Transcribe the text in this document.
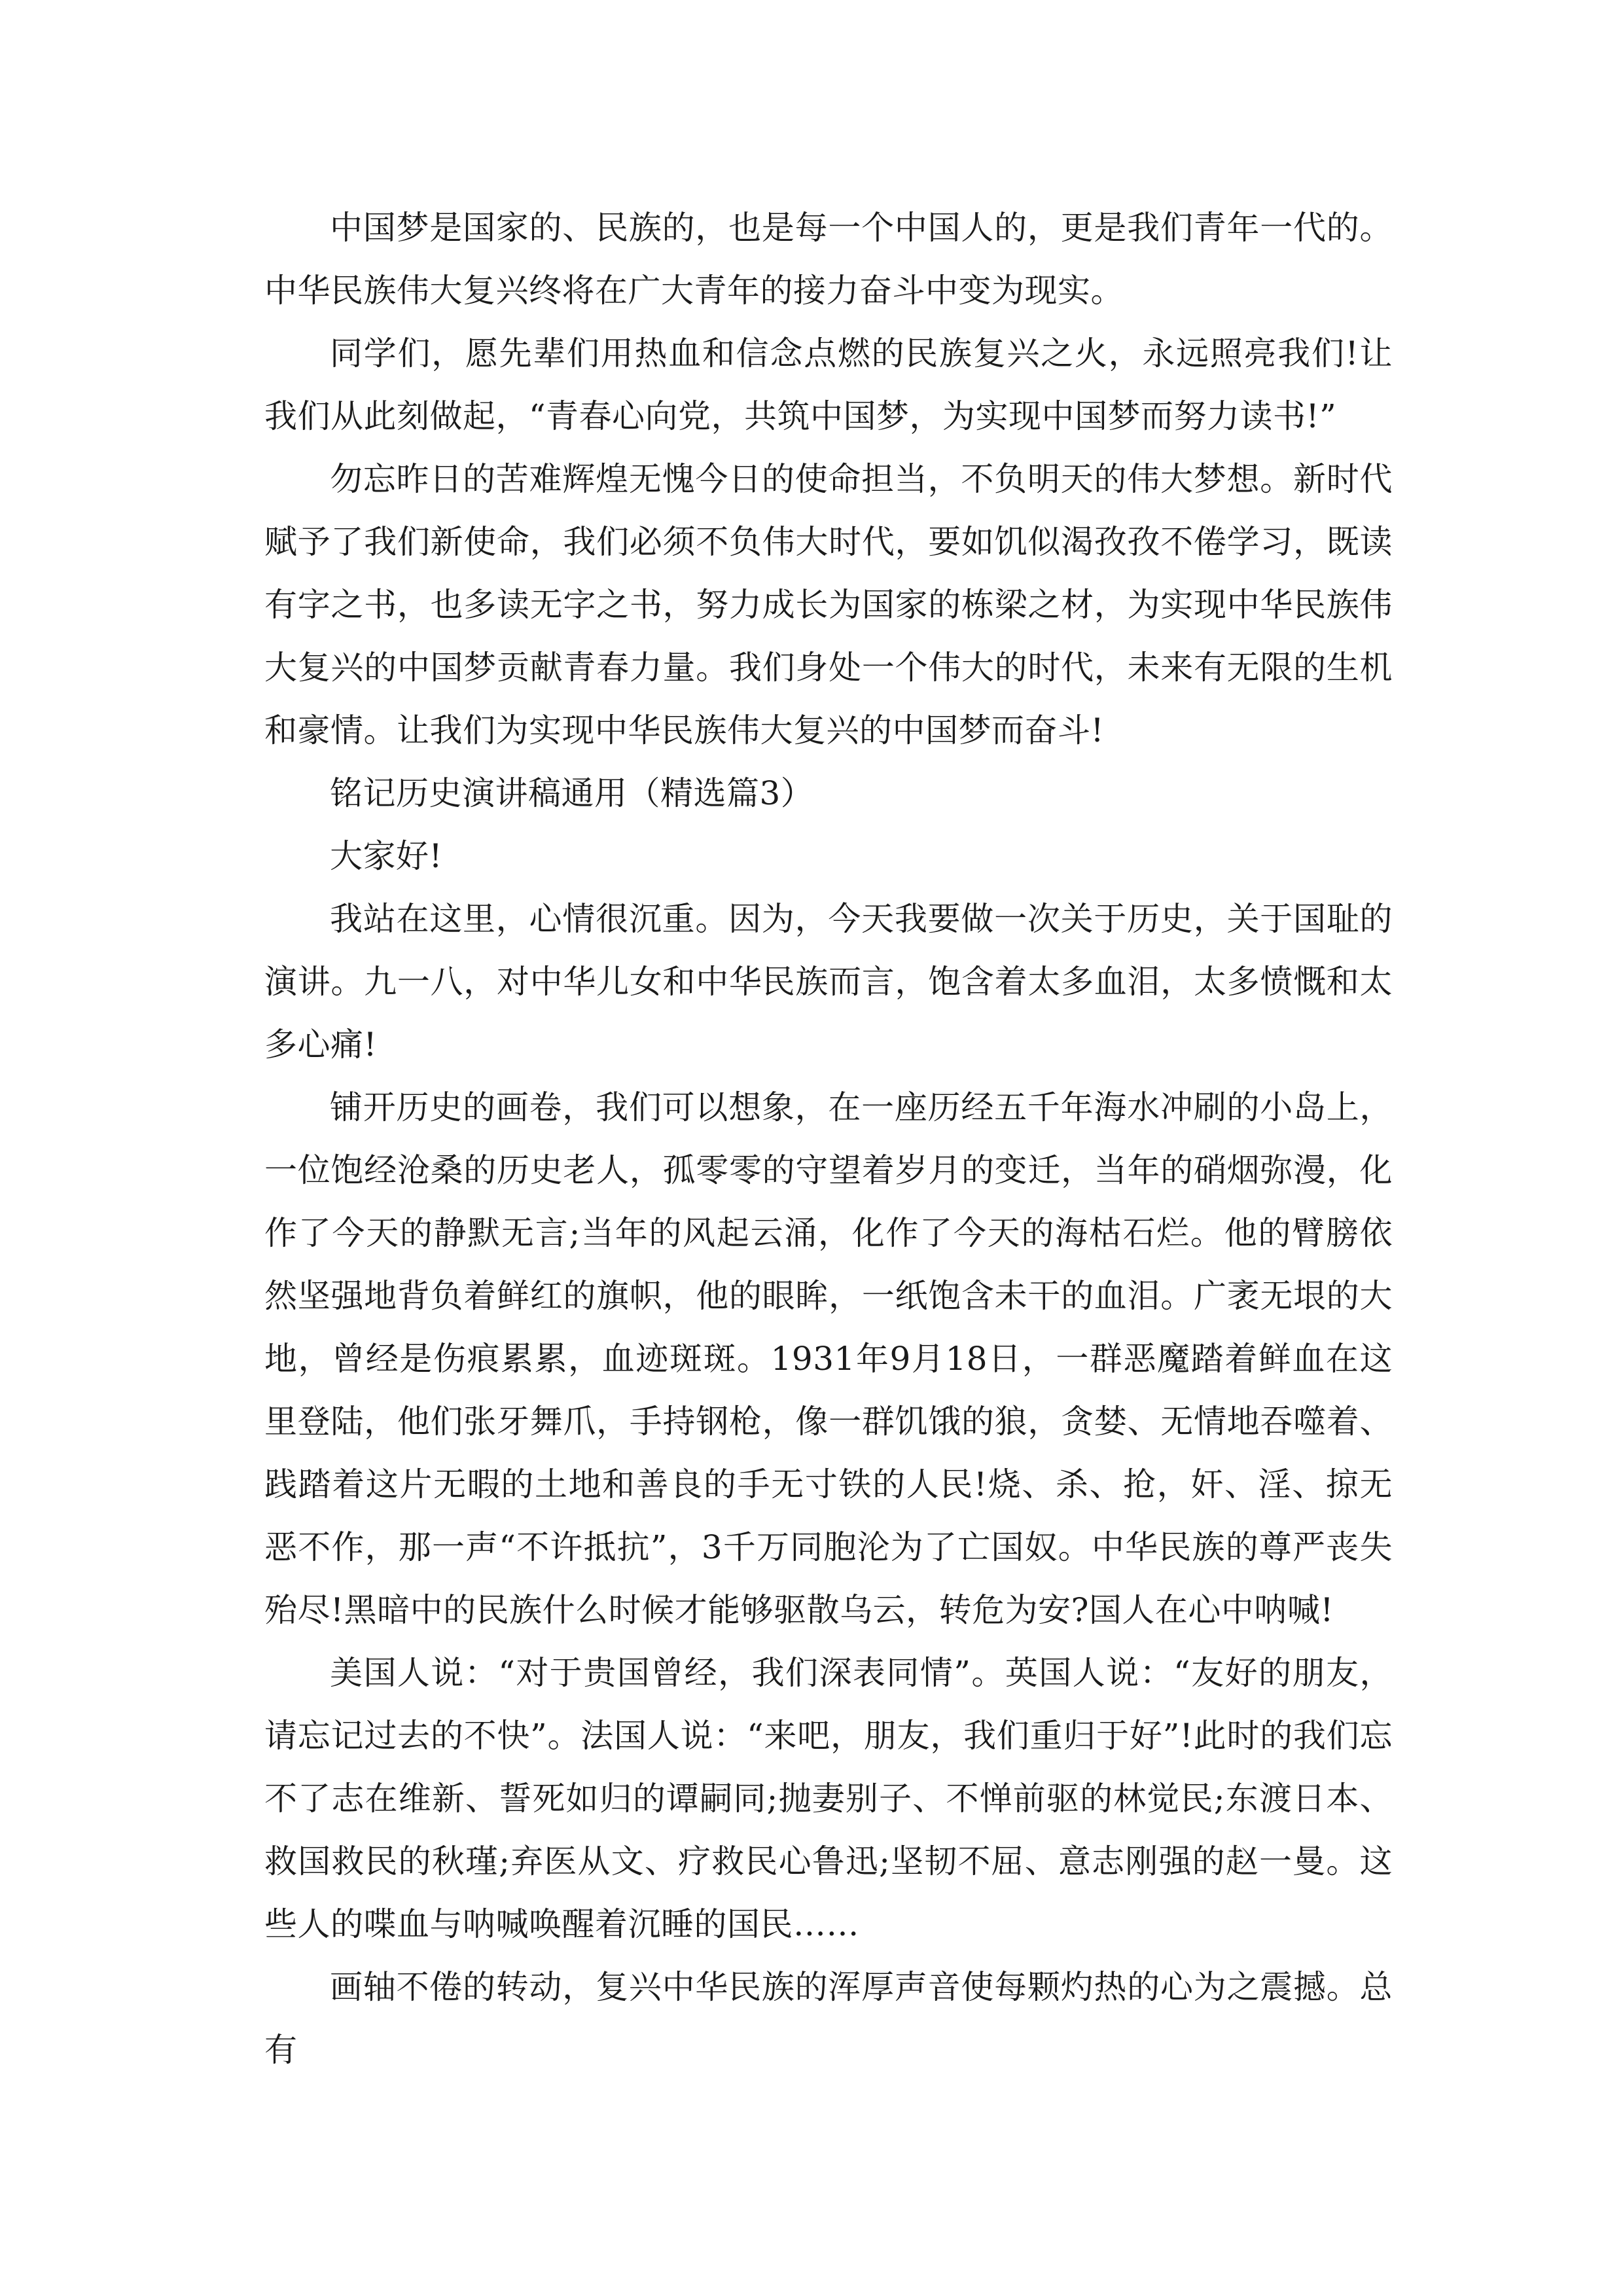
中国梦是国家的、民族的，也是每一个中国人的，更是我们青年一代的。中华民族伟大复兴终将在广大青年的接力奋斗中变为现实。

同学们，愿先辈们用热血和信念点燃的民族复兴之火，永远照亮我们!让我们从此刻做起，“青春心向党，共筑中国梦，为实现中国梦而努力读书!”

勿忘昨日的苦难辉煌无愧今日的使命担当，不负明天的伟大梦想。新时代赋予了我们新使命，我们必须不负伟大时代，要如饥似渴孜孜不倦学习，既读有字之书，也多读无字之书，努力成长为国家的栋梁之材，为实现中华民族伟大复兴的中国梦贡献青春力量。我们身处一个伟大的时代，未来有无限的生机和豪情。让我们为实现中华民族伟大复兴的中国梦而奋斗!

铭记历史演讲稿通用（精选篇3）

大家好!

我站在这里，心情很沉重。因为，今天我要做一次关于历史，关于国耻的演讲。九一八，对中华儿女和中华民族而言，饱含着太多血泪，太多愤慨和太多心痛!

铺开历史的画卷，我们可以想象，在一座历经五千年海水冲刷的小岛上，一位饱经沧桑的历史老人，孤零零的守望着岁月的变迁，当年的硝烟弥漫，化作了今天的静默无言;当年的风起云涌，化作了今天的海枯石烂。他的臂膀依然坚强地背负着鲜红的旗帜，他的眼眸，一纸饱含未干的血泪。广袤无垠的大地，曾经是伤痕累累，血迹斑斑。1931年9月18日，一群恶魔踏着鲜血在这里登陆，他们张牙舞爪，手持钢枪，像一群饥饿的狼，贪婪、无情地吞噬着、践踏着这片无暇的土地和善良的手无寸铁的人民!烧、杀、抢，奸、淫、掠无恶不作，那一声“不许抵抗”，3千万同胞沦为了亡国奴。中华民族的尊严丧失殆尽!黑暗中的民族什么时候才能够驱散乌云，转危为安?国人在心中呐喊!

美国人说：“对于贵国曾经，我们深表同情”。英国人说：“友好的朋友，请忘记过去的不快”。法国人说：“来吧，朋友，我们重归于好”!此时的我们忘不了志在维新、誓死如归的谭嗣同;抛妻别子、不惮前驱的林觉民;东渡日本、救国救民的秋瑾;弃医从文、疗救民心鲁迅;坚韧不屈、意志刚强的赵一曼。这些人的喋血与呐喊唤醒着沉睡的国民……

画轴不倦的转动，复兴中华民族的浑厚声音使每颗灼热的心为之震撼。总有
